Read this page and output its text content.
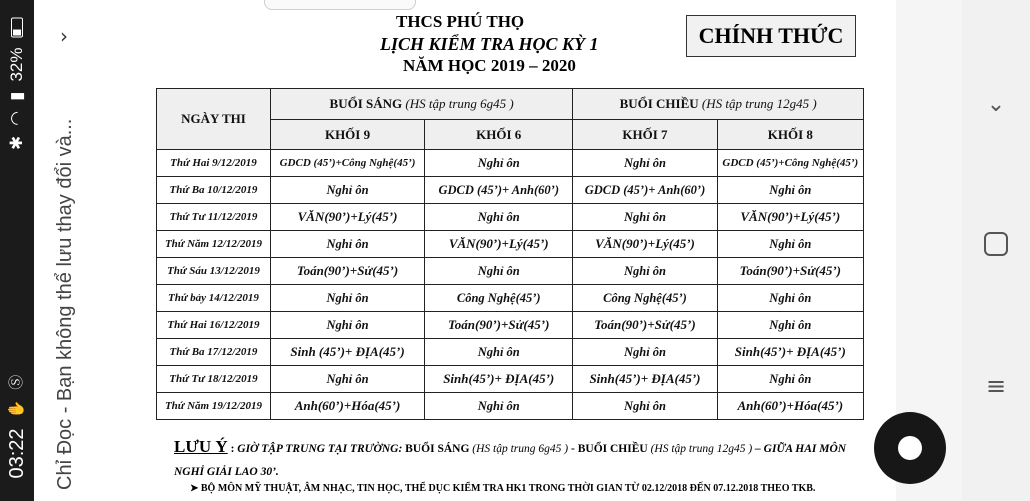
03:22
✋
Ⓢ
✱
◠
▮
32%
›
Chỉ Đọc - Bạn không thể lưu thay đổi và...
THCS PHÚ THỌ
LỊCH KIỂM TRA HỌC KỲ 1
NĂM HỌC 2019 – 2020
CHÍNH THỨC
NGÀY THI	BUỔI SÁNG (HS tập trung 6g45 )		BUỔI CHIỀU (HS tập trung 12g45 )	
	KHỐI 9	KHỐI 6	KHỐI 7	KHỐI 8
Thứ Hai 9/12/2019	GDCD (45’)+Công Nghệ(45’)	Nghỉ ôn	Nghỉ ôn	GDCD (45’)+Công Nghệ(45’)
Thứ Ba 10/12/2019	Nghỉ ôn	GDCD (45’)+ Anh(60’)	GDCD (45’)+ Anh(60’)	Nghỉ ôn
Thứ Tư 11/12/2019	VĂN(90’)+Lý(45’)	Nghỉ ôn	Nghỉ ôn	VĂN(90’)+Lý(45’)
Thứ Năm 12/12/2019	Nghỉ ôn	VĂN(90’)+Lý(45’)	VĂN(90’)+Lý(45’)	Nghỉ ôn
Thứ Sáu 13/12/2019	Toán(90’)+Sử(45’)	Nghỉ ôn	Nghỉ ôn	Toán(90’)+Sử(45’)
Thứ bảy 14/12/2019	Nghỉ ôn	Công Nghệ(45’)	Công Nghệ(45’)	Nghỉ ôn
Thứ Hai 16/12/2019	Nghỉ ôn	Toán(90’)+Sử(45’)	Toán(90’)+Sử(45’)	Nghỉ ôn
Thứ Ba 17/12/2019	Sinh (45’)+ ĐỊA(45’)	Nghỉ ôn	Nghỉ ôn	Sinh(45’)+ ĐỊA(45’)
Thứ Tư 18/12/2019	Nghỉ ôn	Sinh(45’)+ ĐỊA(45’)	Sinh(45’)+ ĐỊA(45’)	Nghỉ ôn
Thứ Năm 19/12/2019	Anh(60’)+Hóa(45’)	Nghỉ ôn	Nghỉ ôn	Anh(60’)+Hóa(45’)
LƯU Ý : GIỜ TẬP TRUNG TẠI TRƯỜNG: BUỔI SÁNG (HS tập trung 6g45 ) - BUỔI CHIỀU (HS tập trung 12g45 ) – GIỮA HAI MÔN
NGHỈ GIẢI LAO 30’.
➤ BỘ MÔN MỸ THUẬT, ÂM NHẠC, TIN HỌC, THỂ DỤC KIỂM TRA HK1 TRONG THỜI GIAN TỪ 02.12/2018 ĐẾN 07.12.2018 THEO TKB.
⌄
≡
